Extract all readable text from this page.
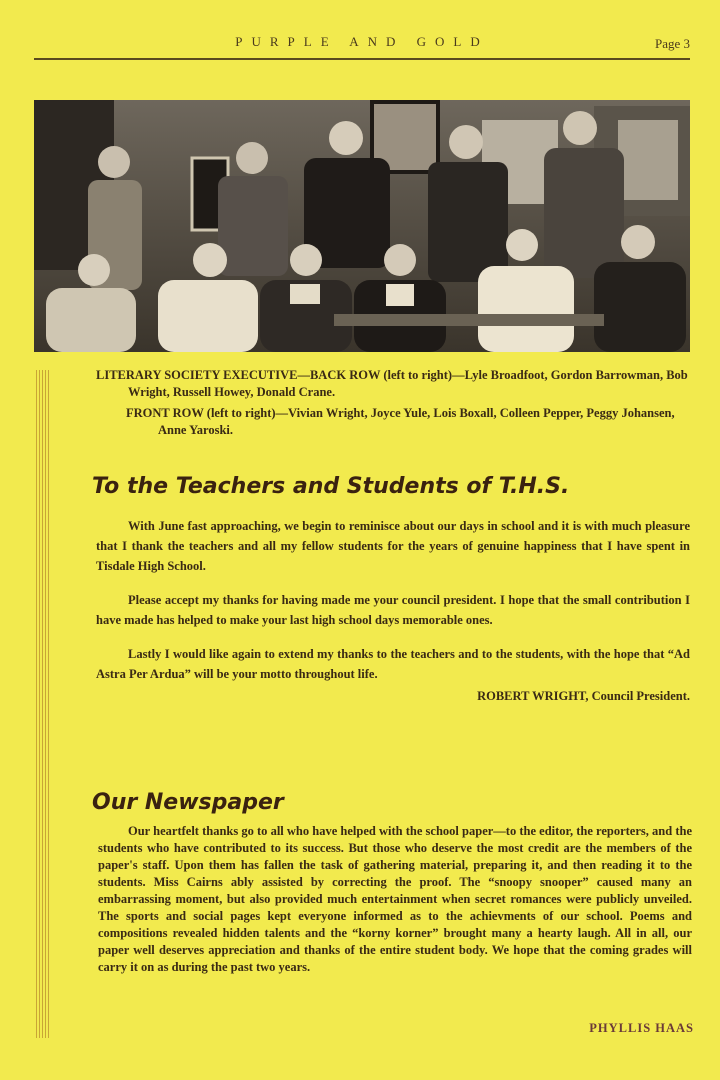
PURPLE AND GOLD	Page 3

LITERARY SOCIETY EXECUTIVE—BACK ROW (left to right)—Lyle Broadfoot, Gordon Barrowman, Bob Wright, Russell Howey, Donald Crane.

FRONT ROW (left to right)—Vivian Wright, Joyce Yule, Lois Boxall, Colleen Pepper, Peggy Johansen, Anne Yaroski.

To the Teachers and Students of T.H.S.

With June fast approaching, we begin to reminisce about our days in school and it is with much pleasure that I thank the teachers and all my fellow students for the years of genuine happiness that I have spent in Tisdale High School.

Please accept my thanks for having made me your council president. I hope that the small contribution I have made has helped to make your last high school days memorable ones.

Lastly I would like again to extend my thanks to the teachers and to the students, with the hope that “Ad Astra Per Ardua” will be your motto throughout life.

ROBERT WRIGHT, Council President.

Our Newspaper

Our heartfelt thanks go to all who have helped with the school paper—to the editor, the reporters, and the students who have contributed to its success. But those who deserve the most credit are the members of the paper's staff. Upon them has fallen the task of gathering material, preparing it, and then reading it to the students. Miss Cairns ably assisted by correcting the proof. The “snoopy snooper” caused many an embarrassing moment, but also provided much entertainment when secret romances were publicly unveiled. The sports and social pages kept everyone informed as to the achievments of our school. Poems and compositions revealed hidden talents and the “korny korner” brought many a hearty laugh. All in all, our paper well deserves appreciation and thanks of the entire student body. We hope that the coming grades will carry it on as during the past two years.

PHYLLIS HAAS
